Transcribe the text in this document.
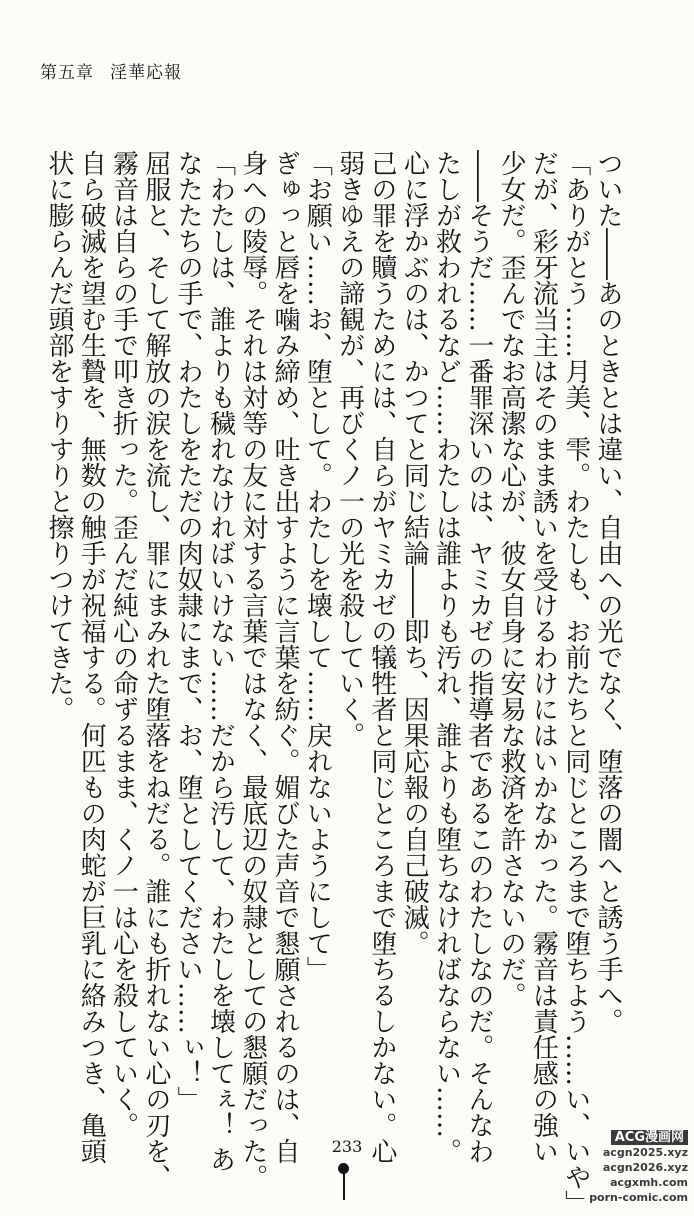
第五章 淫華応報

ついた――あのときとは違い、自由への光でなく、堕落の闇へと誘う手へ。

「ありがとう……月美、雫。わたしも、お前たちと同じところまで堕ちよう……い、いや」

だが、彩牙流当主はそのまま誘いを受けるわけにはいかなかった。霧音は責任感の強い

少女だ。歪んでなお高潔な心が、彼女自身に安易な救済を許さないのだ。

――そうだ……一番罪深いのは、ヤミカゼの指導者であるこのわたしなのだ。そんなわ

たしが救われるなど……わたしは誰よりも汚れ、誰よりも堕ちなければならない……。

心に浮かぶのは、かつてと同じ結論――即ち、因果応報の自己破滅。

己の罪を贖うためには、自らがヤミカゼの犠牲者と同じところまで堕ちるしかない。心

弱きゆえの諦観が、再びくノ一の光を殺していく。

「お願い……お、堕として。わたしを壊して……戻れないようにして」

ぎゅっと唇を噛み締め、吐き出すように言葉を紡ぐ。媚びた声音で懇願されるのは、自

身への陵辱。それは対等の友に対する言葉ではなく、最底辺の奴隷としての懇願だった。

「わたしは、誰よりも穢れなければいけない……だから汚して、わたしを壊してぇ！ あ

なたたちの手で、わたしをただの肉奴隷にまで、お、堕としてください……ぃ！」

屈服と、そして解放の涙を流し、罪にまみれた堕落をねだる。誰にも折れない心の刃を、

霧音は自らの手で叩き折った。歪んだ純心の命ずるまま、くノ一は心を殺していく。

自ら破滅を望む生贄を、無数の触手が祝福する。何匹もの肉蛇が巨乳に絡みつき、亀頭

状に膨らんだ頭部をすりすりと擦りつけてきた。

233	ACG漫画网
acgn2025.xyz
acgn2026.xyz
acgxmh.com
porn-comic.com
